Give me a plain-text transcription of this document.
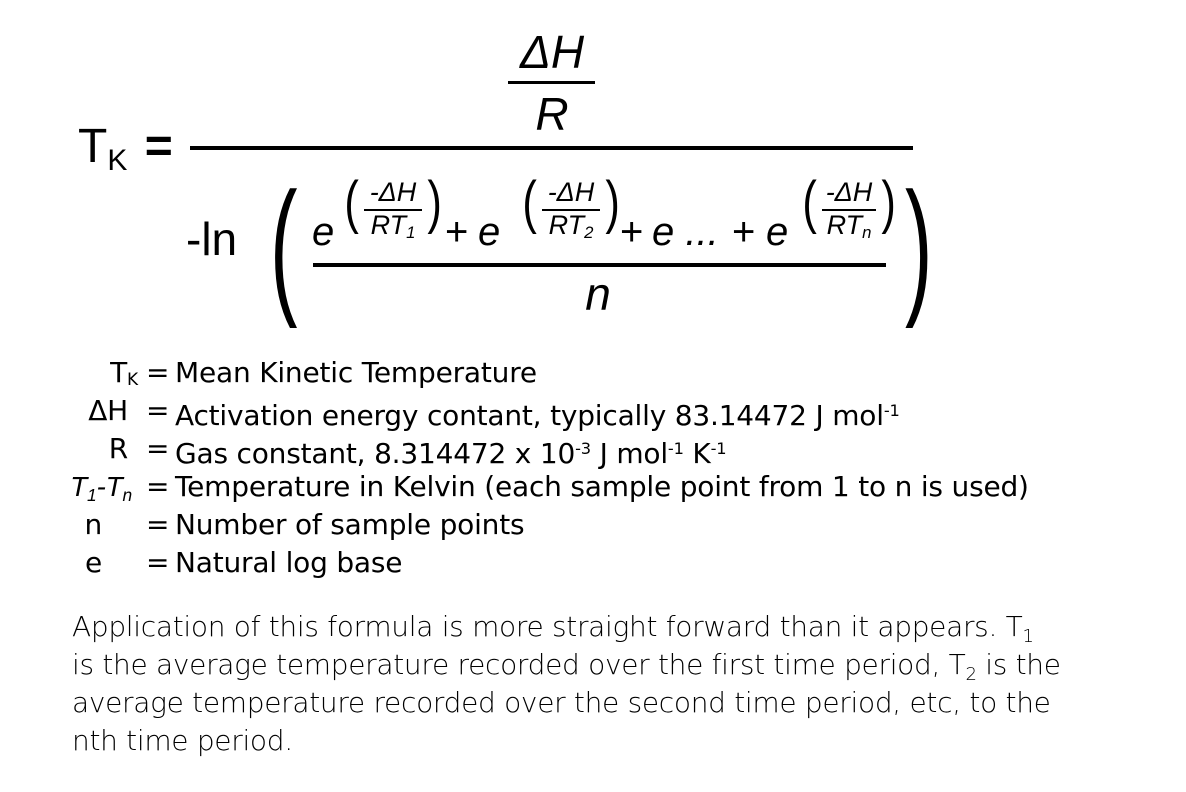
TK =
ΔH
R
-ln (	)
e ( -ΔH
$RT_1$ ) + e ( -ΔH
$RT_2$ ) + e ... + e ( -ΔH
$RT_n$ )
n
TK = Mean Kinetic Temperature
ΔH = Activation energy contant, typically 83.14472 J mol$^{-1}$
R = Gas constant, 8.314472 x $10^{-3}$ J mol$^{-1}$ $K^{-1}$
$T_1-T_n$ = Temperature in Kelvin (each sample point from 1 to n is used)
n = Number of sample points
e = Natural log base
Application of this formula is more straight forward than it appears. $T_1$
is the average temperature recorded over the first time period, $T_2$ is the
average temperature recorded over the second time period, etc, to the
nth time period.
